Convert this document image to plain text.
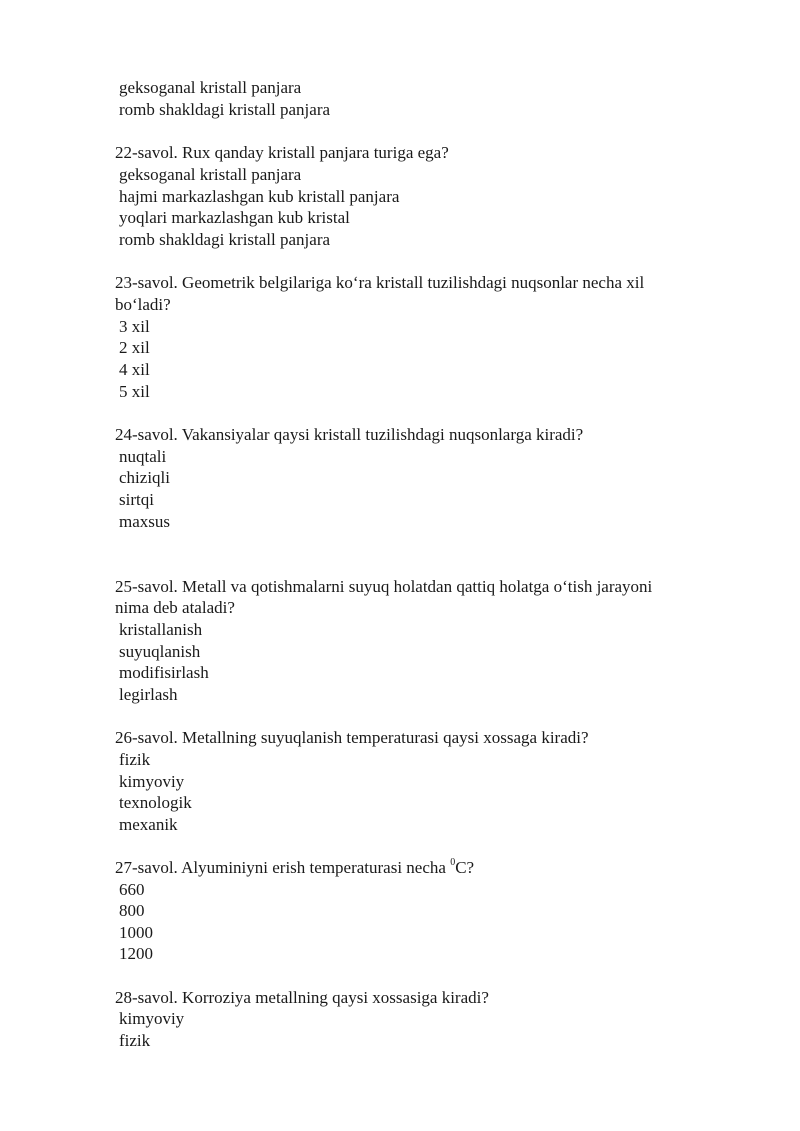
geksoganal kristall panjara
romb shakldagi kristall panjara
22-savol. Rux qanday kristall panjara turiga ega?
geksoganal kristall panjara
hajmi markazlashgan kub kristall panjara
yoqlari markazlashgan kub kristal
romb shakldagi kristall panjara
23-savol. Geometrik belgilariga ko‘ra kristall tuzilishdagi nuqsonlar necha xil
bo‘ladi?
3 xil
2 xil
4 xil
5 xil
24-savol. Vakansiyalar qaysi kristall tuzilishdagi nuqsonlarga kiradi?
nuqtali
chiziqli
sirtqi
maxsus
25-savol. Metall va qotishmalarni suyuq holatdan qattiq holatga o‘tish jarayoni
nima deb ataladi?
kristallanish
suyuqlanish
modifisirlash
legirlash
26-savol. Metallning suyuqlanish temperaturasi qaysi xossaga kiradi?
fizik
kimyoviy
texnologik
mexanik
27-savol. Alyuminiyni erish temperaturasi necha $^0$C?
660
800
1000
1200
28-savol. Korroziya metallning qaysi xossasiga kiradi?
kimyoviy
fizik
